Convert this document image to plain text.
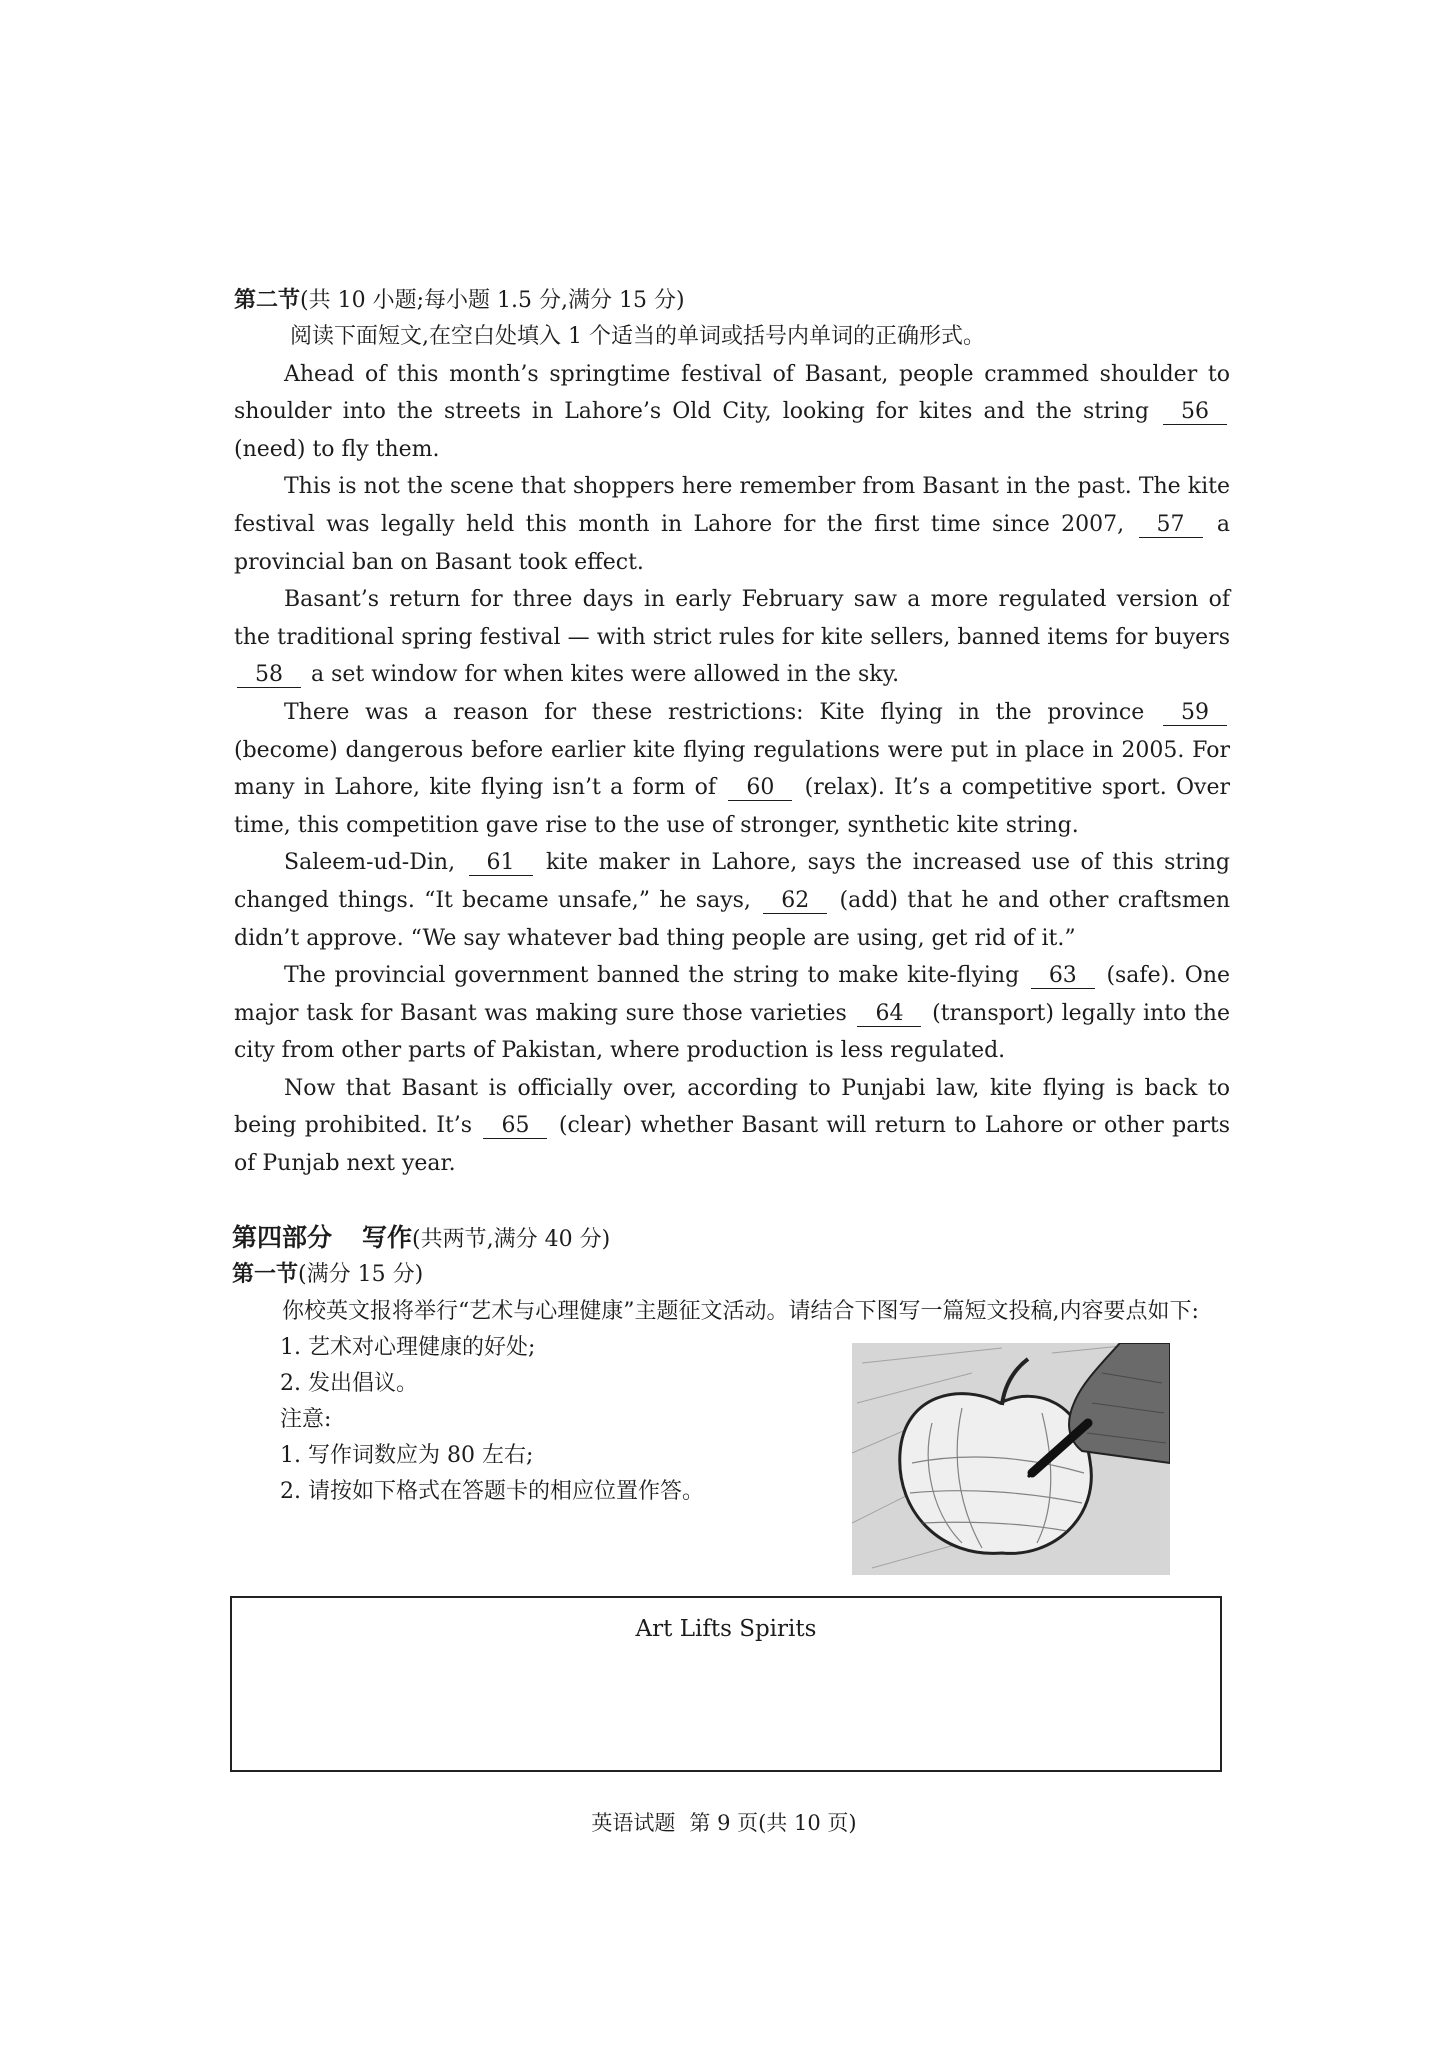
第二节(共 10 小题;每小题 1.5 分,满分 15 分)

阅读下面短文,在空白处填入 1 个适当的单词或括号内单词的正确形式。

Ahead of this month’s springtime festival of Basant, people crammed shoulder to shoulder into the streets in Lahore’s Old City, looking for kites and the string 56 (need) to fly them.

This is not the scene that shoppers here remember from Basant in the past. The kite festival was legally held this month in Lahore for the first time since 2007, 57 a provincial ban on Basant took effect.

Basant’s return for three days in early February saw a more regulated version of the traditional spring festival — with strict rules for kite sellers, banned items for buyers 58 a set window for when kites were allowed in the sky.

There was a reason for these restrictions: Kite flying in the province 59 (become) dangerous before earlier kite flying regulations were put in place in 2005. For many in Lahore, kite flying isn’t a form of 60 (relax). It’s a competitive sport. Over time, this competition gave rise to the use of stronger, synthetic kite string.

Saleem-ud-Din, 61 kite maker in Lahore, says the increased use of this string changed things. “It became unsafe,” he says, 62 (add) that he and other craftsmen didn’t approve. “We say whatever bad thing people are using, get rid of it.”

The provincial government banned the string to make kite-flying 63 (safe). One major task for Basant was making sure those varieties 64 (transport) legally into the city from other parts of Pakistan, where production is less regulated.

Now that Basant is officially over, according to Punjabi law, kite flying is back to being prohibited. It’s 65 (clear) whether Basant will return to Lahore or other parts of Punjab next year.

第四部分 写作(共两节,满分 40 分)
第一节(满分 15 分)

你校英文报将举行“艺术与心理健康”主题征文活动。请结合下图写一篇短文投稿,内容要点如下:

1. 艺术对心理健康的好处;

2. 发出倡议。

注意:

1. 写作词数应为 80 左右;

2. 请按如下格式在答题卡的相应位置作答。

Art Lifts Spirits
英语试题 第 9 页(共 10 页)
